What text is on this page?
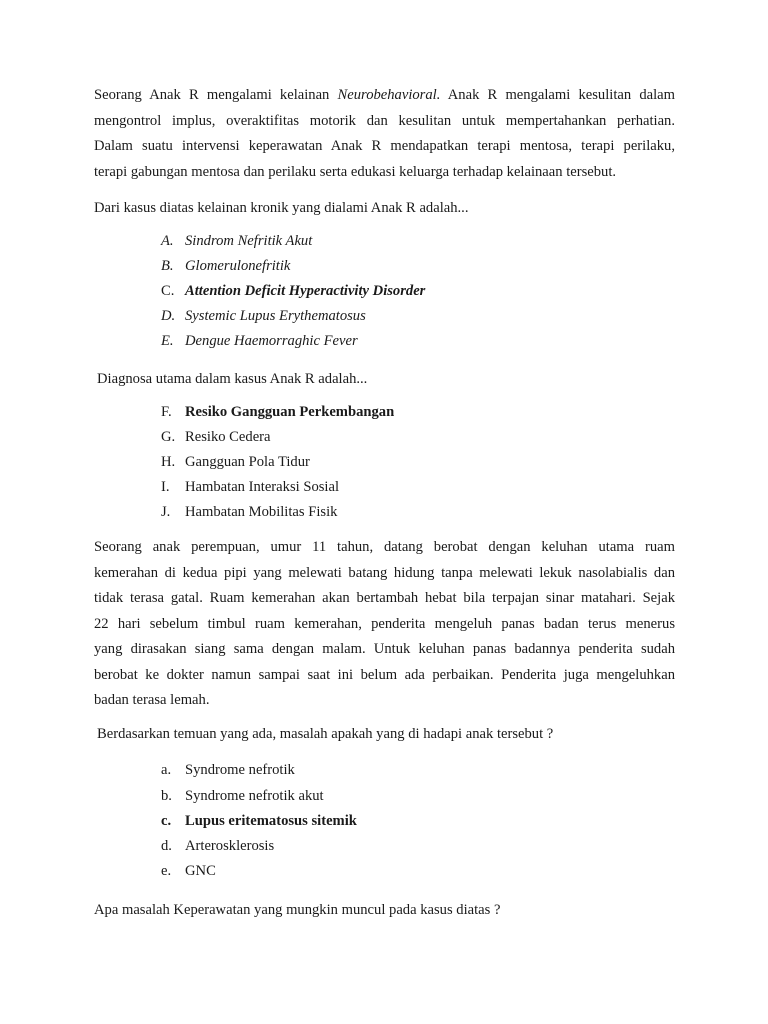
Seorang Anak R mengalami kelainan Neurobehavioral. Anak R mengalami kesulitan dalam
mengontrol implus, overaktifitas motorik dan kesulitan untuk mempertahankan perhatian.
Dalam suatu intervensi keperawatan Anak R mendapatkan terapi mentosa, terapi perilaku,
terapi gabungan mentosa dan perilaku serta edukasi keluarga terhadap kelainaan tersebut.

Dari kasus diatas kelainan kronik yang dialami Anak R adalah...

A. Sindrom Nefritik Akut
B. Glomerulonefritik
C. Attention Deficit Hyperactivity Disorder
D. Systemic Lupus Erythematosus
E. Dengue Haemorraghic Fever

Diagnosa utama dalam kasus Anak R adalah...

F. Resiko Gangguan Perkembangan
G. Resiko Cedera
H. Gangguan Pola Tidur
I. Hambatan Interaksi Sosial
J. Hambatan Mobilitas Fisik
Seorang anak perempuan, umur 11 tahun, datang berobat dengan keluhan utama ruam
kemerahan di kedua pipi yang melewati batang hidung tanpa melewati lekuk nasolabialis dan
tidak terasa gatal. Ruam kemerahan akan bertambah hebat bila terpajan sinar matahari. Sejak
22 hari sebelum timbul ruam kemerahan, penderita mengeluh panas badan terus menerus
yang dirasakan siang sama dengan malam. Untuk keluhan panas badannya penderita sudah
berobat ke dokter namun sampai saat ini belum ada perbaikan. Penderita juga mengeluhkan
badan terasa lemah.

Berdasarkan temuan yang ada, masalah apakah yang di hadapi anak tersebut ?

a. Syndrome nefrotik
b. Syndrome nefrotik akut
c. Lupus eritematosus sitemik
d. Arterosklerosis
e. GNC

Apa masalah Keperawatan yang mungkin muncul pada kasus diatas ?
